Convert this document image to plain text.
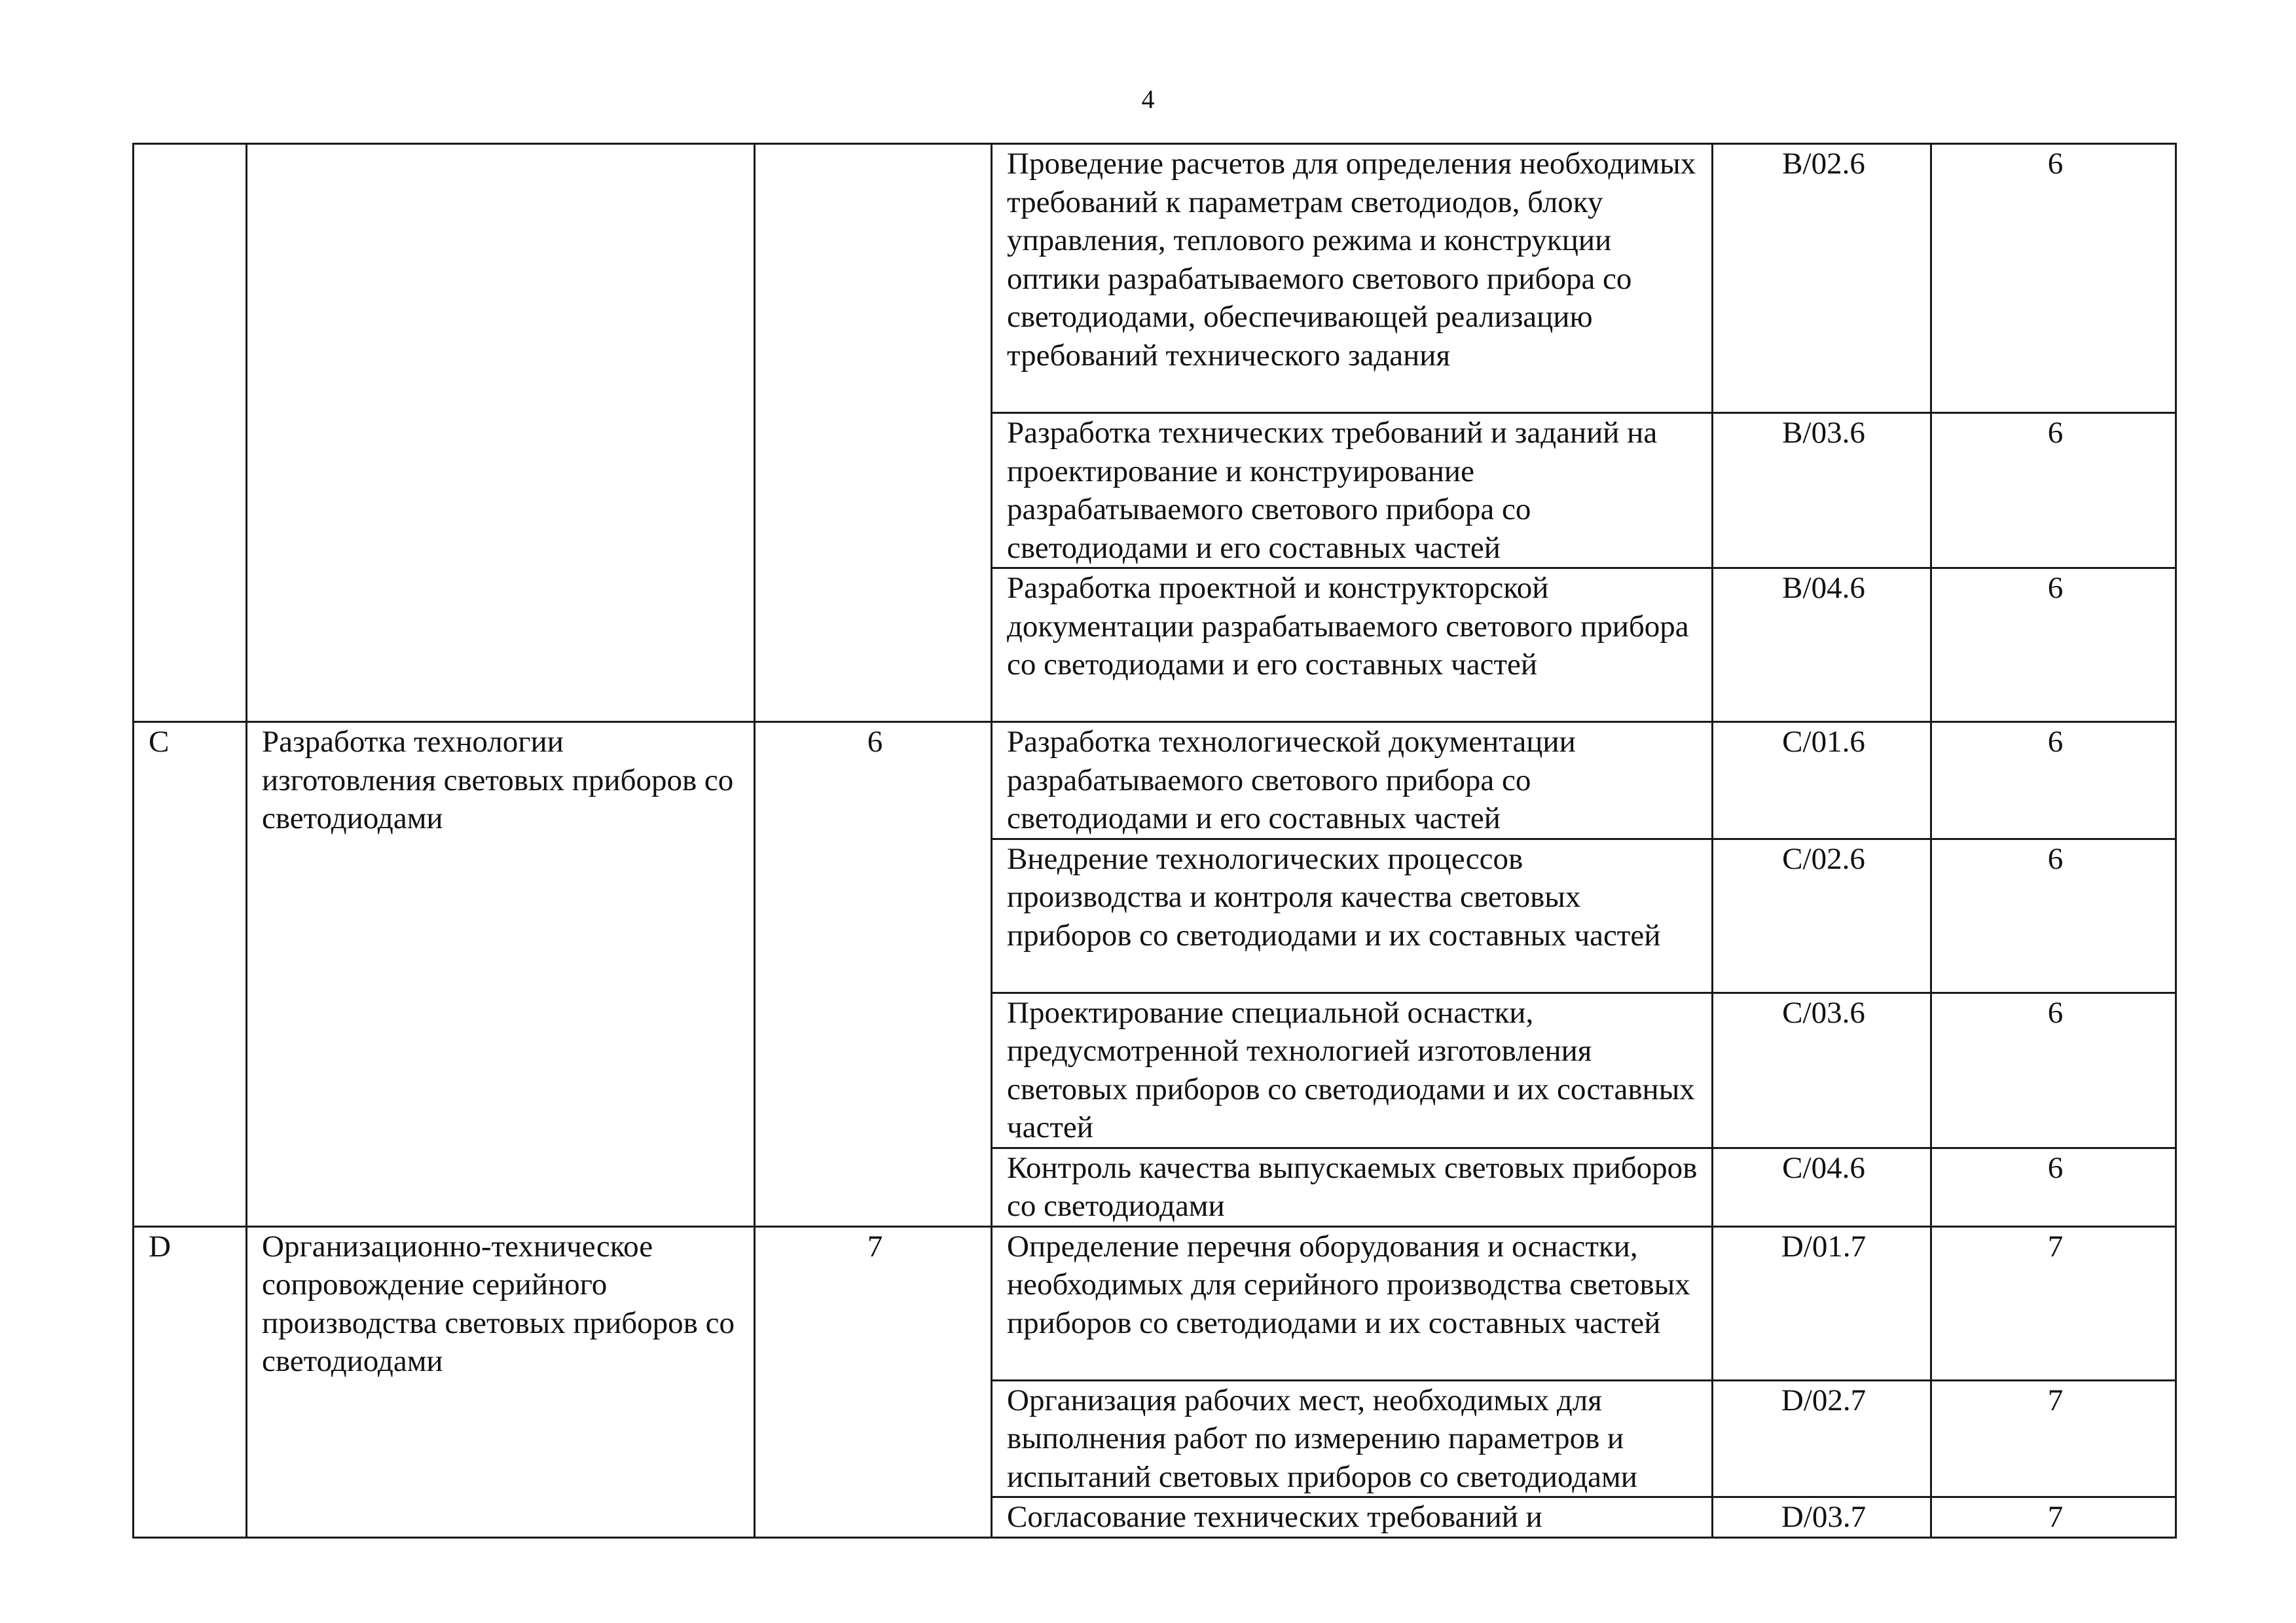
4
			Проведение расчетов для определения необходимых требований к параметрам светодиодов, блоку управления, теплового режима и конструкции оптики разрабатываемого светового прибора со светодиодами, обеспечивающей реализацию требований технического задания	B/02.6	6
			Разработка технических требований и заданий на проектирование и конструирование разрабатываемого светового прибора со светодиодами и его составных частей	B/03.6	6
			Разработка проектной и конструкторской документации разрабатываемого светового прибора со светодиодами и его составных частей	B/04.6	6
C	Разработка технологии изготовления световых приборов со светодиодами	6	Разработка технологической документации разрабатываемого светового прибора со светодиодами и его составных частей	C/01.6	6
			Внедрение технологических процессов производства и контроля качества световых приборов со светодиодами и их составных частей	C/02.6	6
			Проектирование специальной оснастки, предусмотренной технологией изготовления световых приборов со светодиодами и их составных частей	C/03.6	6
			Контроль качества выпускаемых световых приборов со светодиодами	C/04.6	6
D	Организационно-техническое сопровождение серийного производства световых приборов со светодиодами	7	Определение перечня оборудования и оснастки, необходимых для серийного производства световых приборов со светодиодами и их составных частей	D/01.7	7
			Организация рабочих мест, необходимых для выполнения работ по измерению параметров и испытаний световых приборов со светодиодами	D/02.7	7
			Согласование технических требований и	D/03.7	7
